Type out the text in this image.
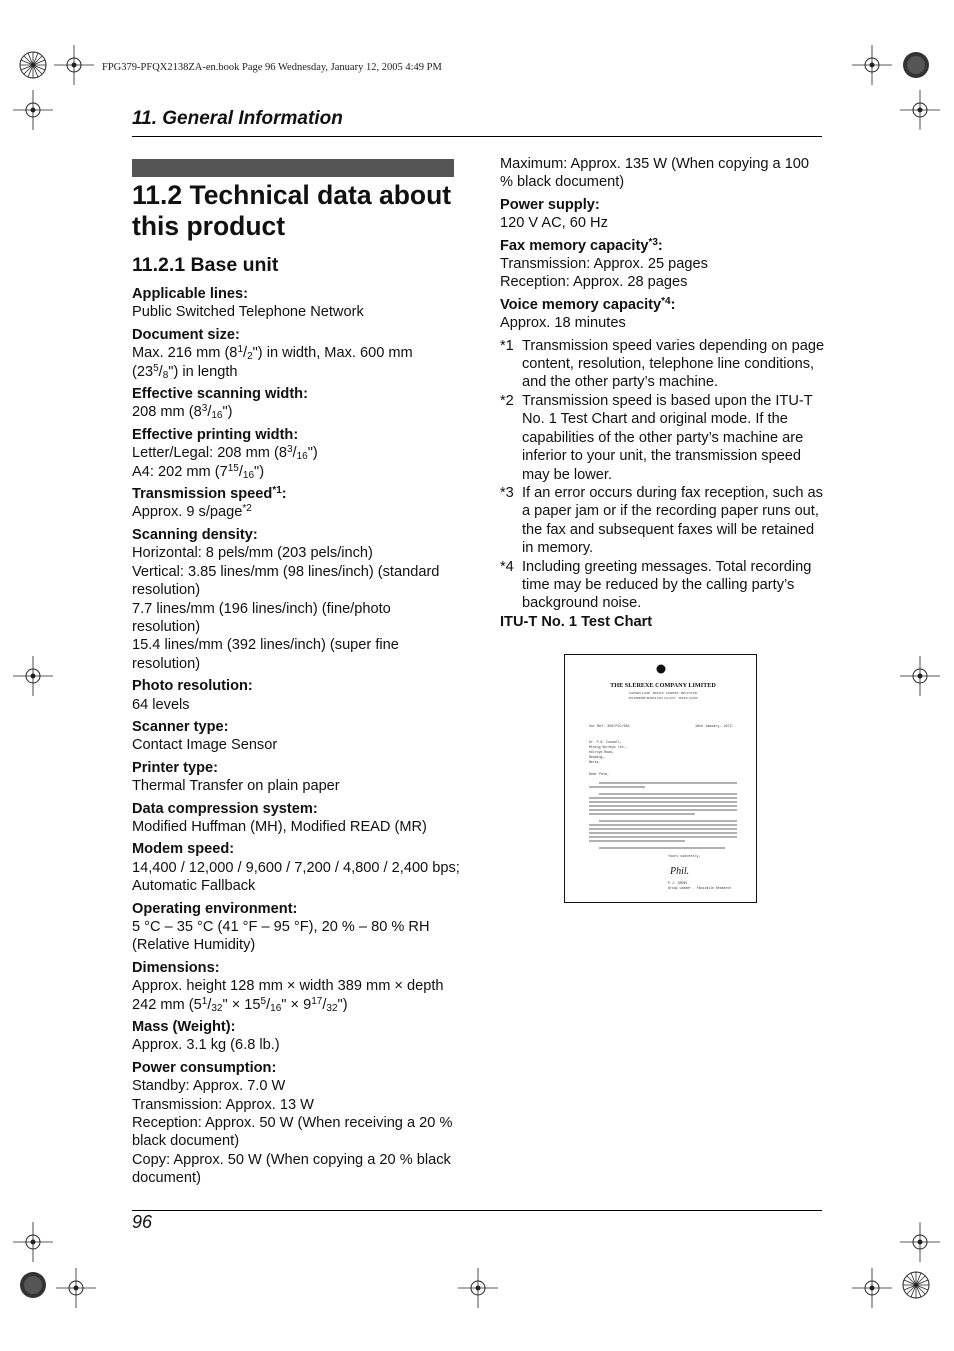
FPG379-PFQX2138ZA-en.book Page 96 Wednesday, January 12, 2005 4:49 PM
11. General Information
11.2 Technical data about this product
11.2.1 Base unit
Applicable lines:
Public Switched Telephone Network
Document size:
Max. 216 mm $(8^1/_2")$ in width, Max. 600 mm
$(23^5/_8")$ in length
Effective scanning width:
208 mm $(8^3/_{16}")$
Effective printing width:
Letter/Legal: 208 mm $(8^3/_{16}")$
A4: 202 mm $(7^{15}/_{16}")$
Transmission speed$^{*1}$:
Approx. 9 s/page$^{*2}$
Scanning density:
Horizontal: 8 pels/mm (203 pels/inch)
Vertical: 3.85 lines/mm (98 lines/inch) (standard resolution)
7.7 lines/mm (196 lines/inch) (fine/photo resolution)
15.4 lines/mm (392 lines/inch) (super fine resolution)
Photo resolution:
64 levels
Scanner type:
Contact Image Sensor
Printer type:
Thermal Transfer on plain paper
Data compression system:
Modified Huffman (MH), Modified READ (MR)
Modem speed:
14,400 / 12,000 / 9,600 / 7,200 / 4,800 / 2,400 bps; Automatic Fallback
Operating environment:
5 °C – 35 °C (41 °F – 95 °F), 20 % – 80 % RH (Relative Humidity)
Dimensions:
Approx. height 128 mm × width 389 mm × depth
242 mm ($5^1/_{32}$" × $15^5/_{16}$" × $9^{17}/_{32}$")
Mass (Weight):
Approx. 3.1 kg (6.8 lb.)
Power consumption:
Standby: Approx. 7.0 W
Transmission: Approx. 13 W
Reception: Approx. 50 W (When receiving a 20 % black document)
Copy: Approx. 50 W (When copying a 20 % black document)
Maximum: Approx. 135 W (When copying a 100 % black document)
Power supply:
120 V AC, 60 Hz
Fax memory capacity$^{*3}$:
Transmission: Approx. 25 pages
Reception: Approx. 28 pages
Voice memory capacity$^{*4}$:
Approx. 18 minutes
*1 Transmission speed varies depending on page content, resolution, telephone line conditions, and the other party’s machine.
*2 Transmission speed is based upon the ITU-T No. 1 Test Chart and original mode. If the capabilities of the other party’s machine are inferior to your unit, the transmission speed may be lower.
*3 If an error occurs during fax reception, such as a paper jam or if the recording paper runs out, the fax and subsequent faxes will be retained in memory.
*4 Including greeting messages. Total recording time may be reduced by the calling party’s background noise.
ITU-T No. 1 Test Chart
THE SLEREXE COMPANY LIMITED
SAPORS LANE · BOOLE · DORSET · BH 25 8 ER
TELEPHONE BOOLE (945 13) 51617 · TELEX 123456
Our Ref. 350/PJC/EAC	18th January, 1972.
Dr. P.N. Cundall,
Mining Surveys Ltd.,
Holroyd Road,
Reading,
Berks.
Dear Pete,
Yours sincerely,
Phil.
P.J. CROSS
Group Leader - Facsimile Research
96
